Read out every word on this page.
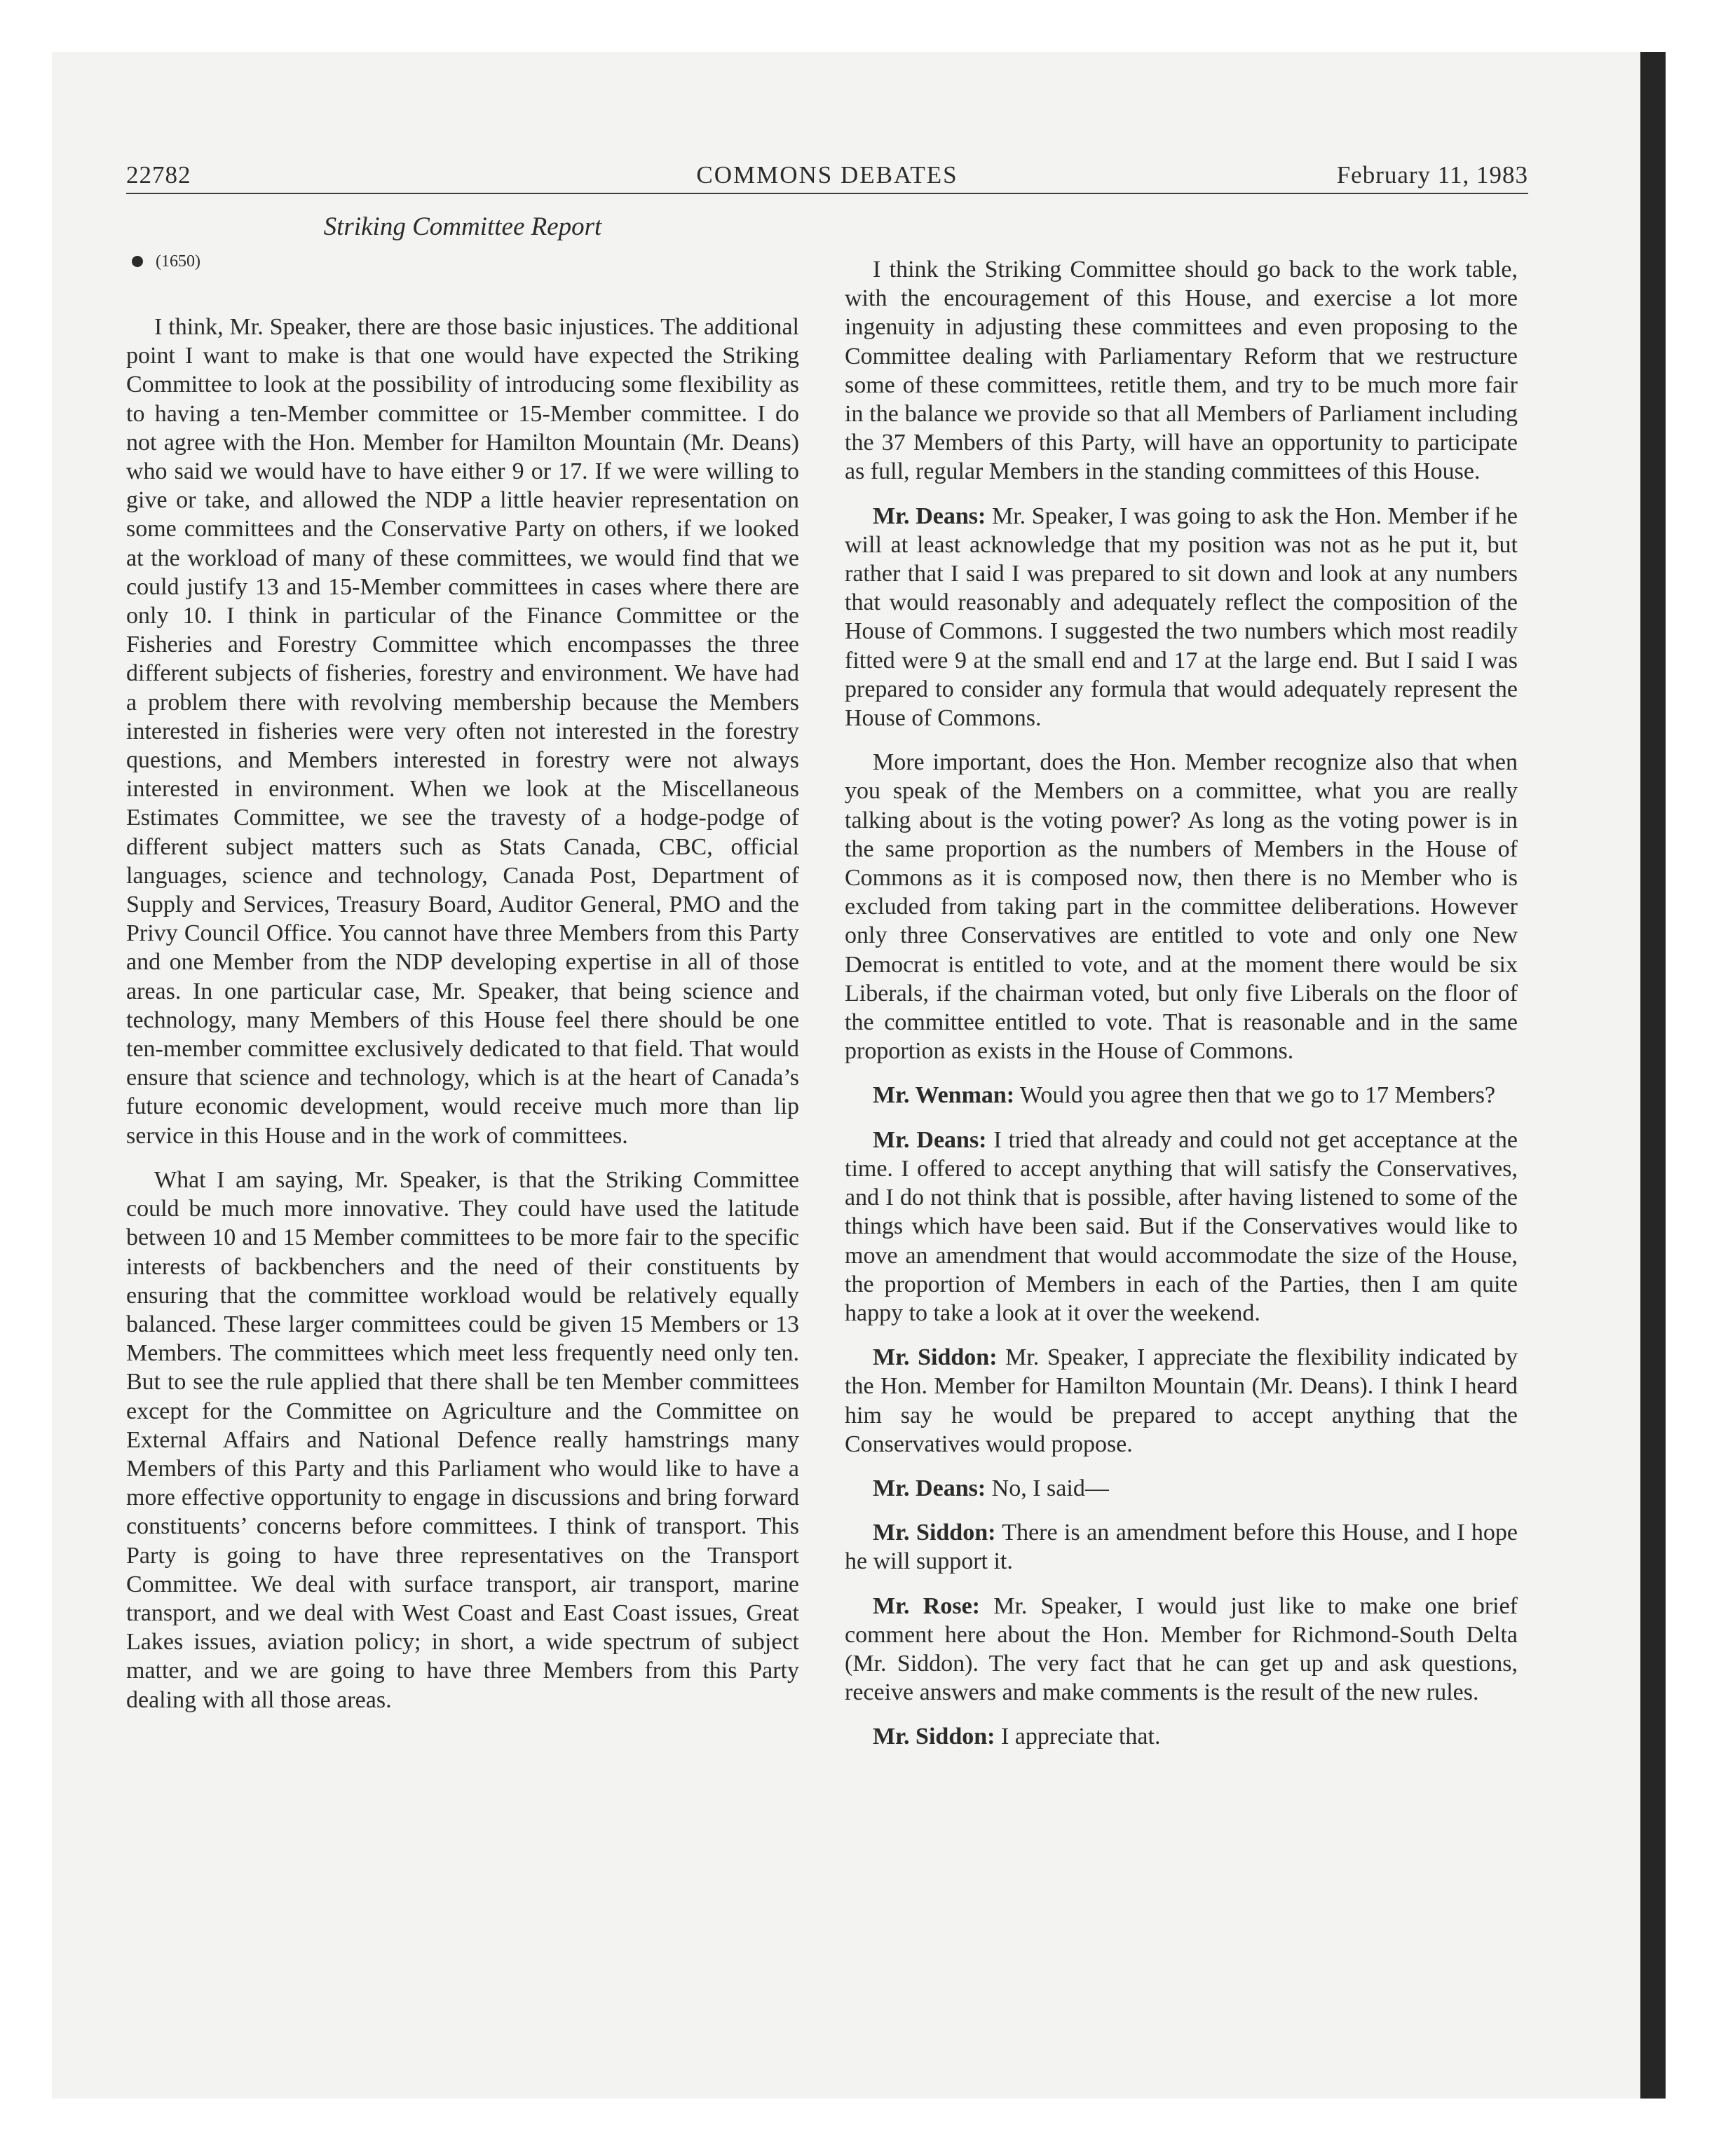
22782	COMMONS DEBATES	February 11, 1983
Striking Committee Report
(1650)

I think, Mr. Speaker, there are those basic injustices. The additional point I want to make is that one would have expected the Striking Committee to look at the possibility of introducing some flexibility as to having a ten-Member committee or 15-Member committee. I do not agree with the Hon. Member for Hamilton Mountain (Mr. Deans) who said we would have to have either 9 or 17. If we were willing to give or take, and allowed the NDP a little heavier representation on some committees and the Conservative Party on others, if we looked at the workload of many of these committees, we would find that we could justify 13 and 15-Member committees in cases where there are only 10. I think in particular of the Finance Committee or the Fisheries and Forestry Committee which encompasses the three different subjects of fisheries, forestry and environment. We have had a problem there with revolving membership because the Members interested in fisheries were very often not interested in the forestry questions, and Members interested in forestry were not always interested in environment. When we look at the Miscellaneous Estimates Committee, we see the travesty of a hodge-podge of different subject matters such as Stats Canada, CBC, official languages, science and technology, Canada Post, Department of Supply and Services, Treasury Board, Auditor General, PMO and the Privy Council Office. You cannot have three Members from this Party and one Member from the NDP developing expertise in all of those areas. In one particular case, Mr. Speaker, that being science and technology, many Members of this House feel there should be one ten-member committee exclusively dedicated to that field. That would ensure that science and technology, which is at the heart of Canada’s future economic development, would receive much more than lip service in this House and in the work of committees.

What I am saying, Mr. Speaker, is that the Striking Committee could be much more innovative. They could have used the latitude between 10 and 15 Member committees to be more fair to the specific interests of backbenchers and the need of their constituents by ensuring that the committee workload would be relatively equally balanced. These larger committees could be given 15 Members or 13 Members. The committees which meet less frequently need only ten. But to see the rule applied that there shall be ten Member committees except for the Committee on Agriculture and the Committee on External Affairs and National Defence really hamstrings many Members of this Party and this Parliament who would like to have a more effective opportunity to engage in discussions and bring forward constituents’ concerns before committees. I think of transport. This Party is going to have three representatives on the Transport Committee. We deal with surface transport, air transport, marine transport, and we deal with West Coast and East Coast issues, Great Lakes issues, aviation policy; in short, a wide spectrum of subject matter, and we are going to have three Members from this Party dealing with all those areas.

I think the Striking Committee should go back to the work table, with the encouragement of this House, and exercise a lot more ingenuity in adjusting these committees and even proposing to the Committee dealing with Parliamentary Reform that we restructure some of these committees, retitle them, and try to be much more fair in the balance we provide so that all Members of Parliament including the 37 Members of this Party, will have an opportunity to participate as full, regular Members in the standing committees of this House.

Mr. Deans: Mr. Speaker, I was going to ask the Hon. Member if he will at least acknowledge that my position was not as he put it, but rather that I said I was prepared to sit down and look at any numbers that would reasonably and adequately reflect the composition of the House of Commons. I suggested the two numbers which most readily fitted were 9 at the small end and 17 at the large end. But I said I was prepared to consider any formula that would adequately represent the House of Commons.

More important, does the Hon. Member recognize also that when you speak of the Members on a committee, what you are really talking about is the voting power? As long as the voting power is in the same proportion as the numbers of Members in the House of Commons as it is composed now, then there is no Member who is excluded from taking part in the committee deliberations. However only three Conservatives are entitled to vote and only one New Democrat is entitled to vote, and at the moment there would be six Liberals, if the chairman voted, but only five Liberals on the floor of the committee entitled to vote. That is reasonable and in the same proportion as exists in the House of Commons.

Mr. Wenman: Would you agree then that we go to 17 Members?

Mr. Deans: I tried that already and could not get acceptance at the time. I offered to accept anything that will satisfy the Conservatives, and I do not think that is possible, after having listened to some of the things which have been said. But if the Conservatives would like to move an amendment that would accommodate the size of the House, the proportion of Members in each of the Parties, then I am quite happy to take a look at it over the weekend.

Mr. Siddon: Mr. Speaker, I appreciate the flexibility indicated by the Hon. Member for Hamilton Mountain (Mr. Deans). I think I heard him say he would be prepared to accept anything that the Conservatives would propose.

Mr. Deans: No, I said—

Mr. Siddon: There is an amendment before this House, and I hope he will support it.

Mr. Rose: Mr. Speaker, I would just like to make one brief comment here about the Hon. Member for Richmond-South Delta (Mr. Siddon). The very fact that he can get up and ask questions, receive answers and make comments is the result of the new rules.

Mr. Siddon: I appreciate that.
